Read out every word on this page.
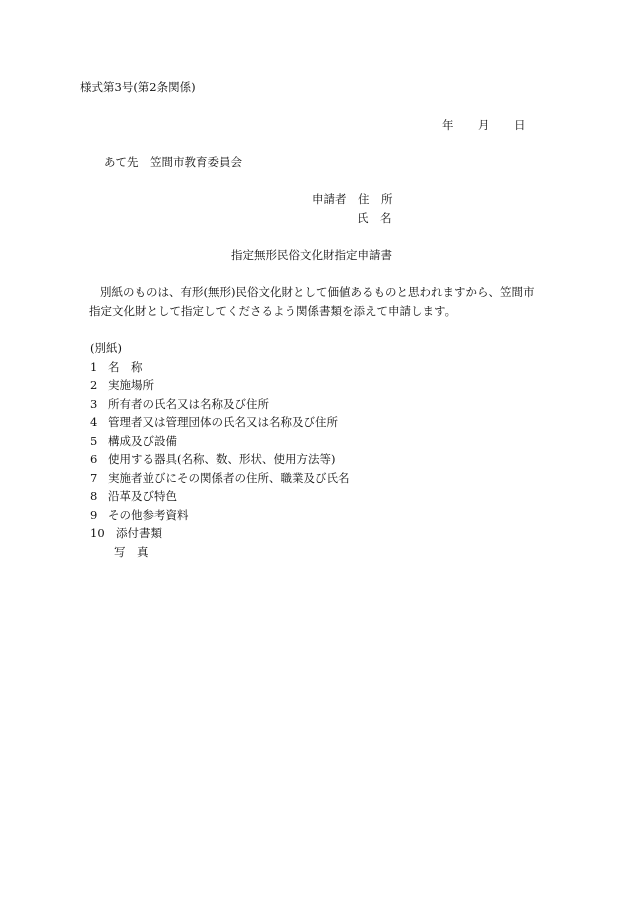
様式第3号(第2条関係)
年 月 日
あて先　笠間市教育委員会
申請者　住　所
氏　名
指定無形民俗文化財指定申請書
別紙のものは、有形(無形)民俗文化財として価値あるものと思われますから、笠間市
指定文化財として指定してくださるよう関係書類を添えて申請します。
(別紙)
1 名　称
2 実施場所
3 所有者の氏名又は名称及び住所
4 管理者又は管理団体の氏名又は名称及び住所
5 構成及び設備
6 使用する器具(名称、数、形状、使用方法等)
7 実施者並びにその関係者の住所、職業及び氏名
8 沿革及び特色
9 その他参考資料
10 添付書類
写　真
